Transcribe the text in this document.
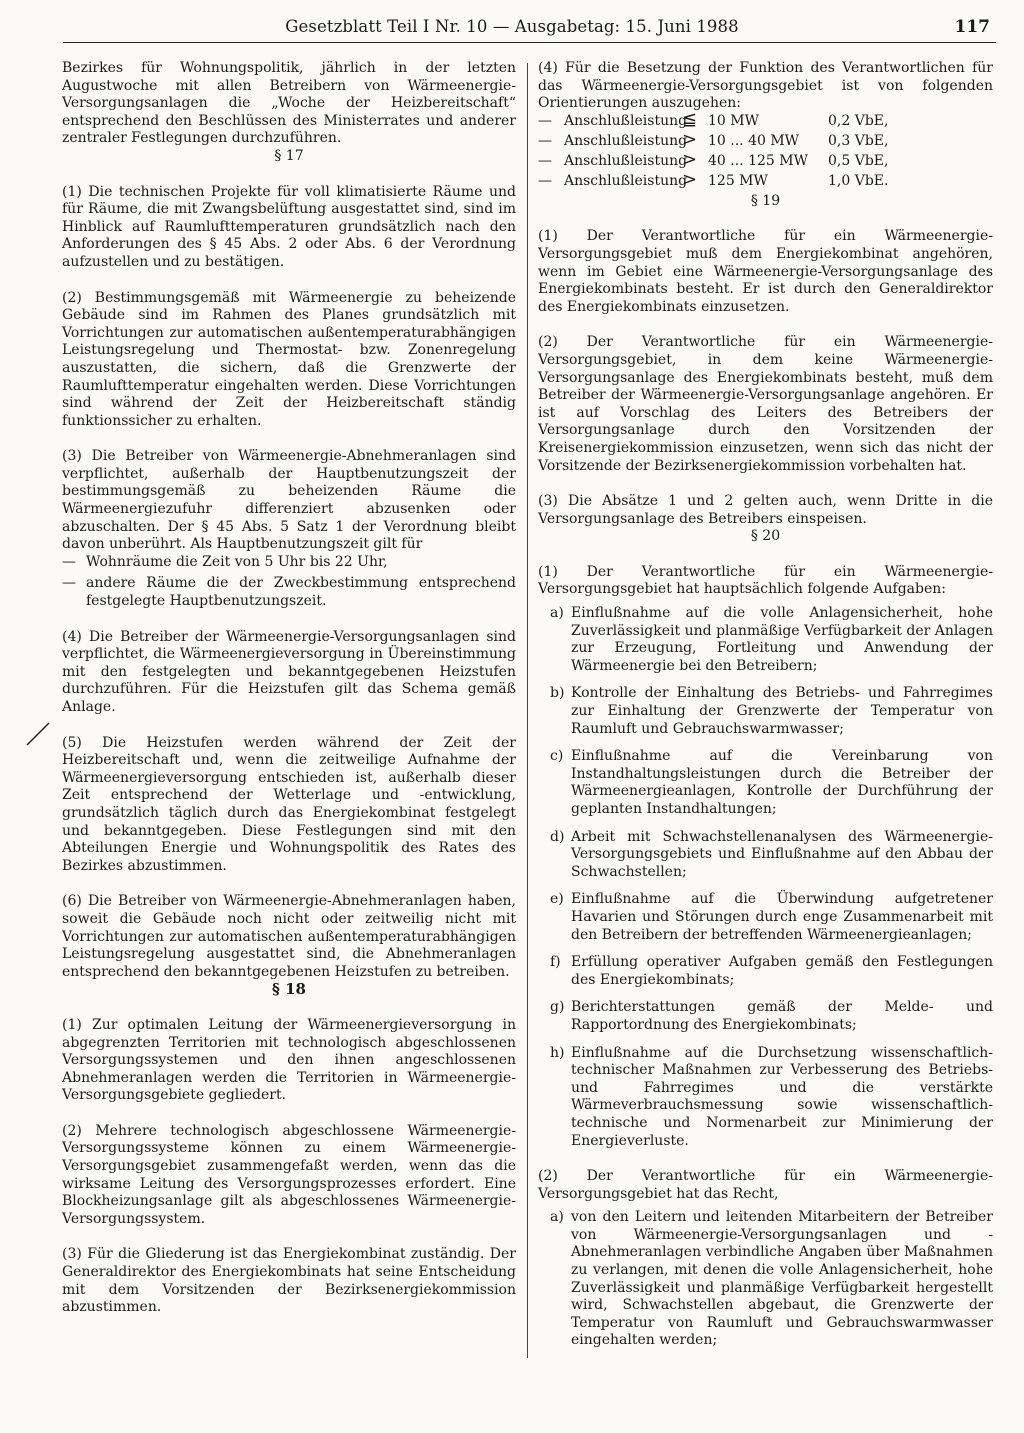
Gesetzblatt Teil I Nr. 10 — Ausgabetag: 15. Juni 1988	117

Bezirkes für Wohnungspolitik, jährlich in der letzten Augustwoche mit allen Betreibern von Wärmeenergie-Versorgungsanlagen die „Woche der Heizbereitschaft“ entsprechend den Beschlüssen des Ministerrates und anderer zentraler Festlegungen durchzuführen.

§ 17

(1) Die technischen Projekte für voll klimatisierte Räume und für Räume, die mit Zwangsbelüftung ausgestattet sind, sind im Hinblick auf Raumlufttemperaturen grundsätzlich nach den Anforderungen des § 45 Abs. 2 oder Abs. 6 der Verordnung aufzustellen und zu bestätigen.

(2) Bestimmungsgemäß mit Wärmeenergie zu beheizende Gebäude sind im Rahmen des Planes grundsätzlich mit Vorrichtungen zur automatischen außentemperaturabhängigen Leistungsregelung und Thermostat- bzw. Zonenregelung auszustatten, die sichern, daß die Grenzwerte der Raumlufttemperatur eingehalten werden. Diese Vorrichtungen sind während der Zeit der Heizbereitschaft ständig funktionssicher zu erhalten.

(3) Die Betreiber von Wärmeenergie-Abnehmeranlagen sind verpflichtet, außerhalb der Hauptbenutzungszeit der bestimmungsgemäß zu beheizenden Räume die Wärmeenergiezufuhr differenziert abzusenken oder abzuschalten. Der § 45 Abs. 5 Satz 1 der Verordnung bleibt davon unberührt. Als Hauptbenutzungszeit gilt für

— Wohnräume die Zeit von 5 Uhr bis 22 Uhr,

— andere Räume die der Zweckbestimmung entsprechend festgelegte Hauptbenutzungszeit.

(4) Die Betreiber der Wärmeenergie-Versorgungsanlagen sind verpflichtet, die Wärmeenergieversorgung in Übereinstimmung mit den festgelegten und bekanntgegebenen Heizstufen durchzuführen. Für die Heizstufen gilt das Schema gemäß Anlage.

(5) Die Heizstufen werden während der Zeit der Heizbereitschaft und, wenn die zeitweilige Aufnahme der Wärmeenergieversorgung entschieden ist, außerhalb dieser Zeit entsprechend der Wetterlage und -entwicklung, grundsätzlich täglich durch das Energiekombinat festgelegt und bekanntgegeben. Diese Festlegungen sind mit den Abteilungen Energie und Wohnungspolitik des Rates des Bezirkes abzustimmen.

(6) Die Betreiber von Wärmeenergie-Abnehmeranlagen haben, soweit die Gebäude noch nicht oder zeitweilig nicht mit Vorrichtungen zur automatischen außentemperaturabhängigen Leistungsregelung ausgestattet sind, die Abnehmeranlagen entsprechend den bekanntgegebenen Heizstufen zu betreiben.

§ 18

(1) Zur optimalen Leitung der Wärmeenergieversorgung in abgegrenzten Territorien mit technologisch abgeschlossenen Versorgungssystemen und den ihnen angeschlossenen Abnehmeranlagen werden die Territorien in Wärmeenergie-Versorgungsgebiete gegliedert.

(2) Mehrere technologisch abgeschlossene Wärmeenergie-Versorgungssysteme können zu einem Wärmeenergie-Versorgungsgebiet zusammengefaßt werden, wenn das die wirksame Leitung des Versorgungsprozesses erfordert. Eine Blockheizungsanlage gilt als abgeschlossenes Wärmeenergie-Versorgungssystem.

(3) Für die Gliederung ist das Energiekombinat zuständig. Der Generaldirektor des Energiekombinats hat seine Entscheidung mit dem Vorsitzenden der Bezirksenergiekommission abzustimmen.

(4) Für die Besetzung der Funktion des Verantwortlichen für das Wärmeenergie-Versorgungsgebiet ist von folgenden Orientierungen auszugehen:

— Anschlußleistung
≦ 10 MW	0,2 VbE,
— Anschlußleistung
> 10 ... 40 MW 0,3 VbE,
— Anschlußleistung
> 40 ... 125 MW 0,5 VbE,
— Anschlußleistung
> 125 MW	1,0 VbE.

§ 19

(1) Der Verantwortliche für ein Wärmeenergie-Versorgungsgebiet muß dem Energiekombinat angehören, wenn im Gebiet eine Wärmeenergie-Versorgungsanlage des Energiekombinats besteht. Er ist durch den Generaldirektor des Energiekombinats einzusetzen.

(2) Der Verantwortliche für ein Wärmeenergie-Versorgungsgebiet, in dem keine Wärmeenergie-Versorgungsanlage des Energiekombinats besteht, muß dem Betreiber der Wärmeenergie-Versorgungsanlage angehören. Er ist auf Vorschlag des Leiters des Betreibers der Versorgungsanlage durch den Vorsitzenden der Kreisenergiekommission einzusetzen, wenn sich das nicht der Vorsitzende der Bezirksenergiekommission vorbehalten hat.

(3) Die Absätze 1 und 2 gelten auch, wenn Dritte in die Versorgungsanlage des Betreibers einspeisen.

§ 20

(1) Der Verantwortliche für ein Wärmeenergie-Versorgungsgebiet hat hauptsächlich folgende Aufgaben:

a) Einflußnahme auf die volle Anlagensicherheit, hohe Zuverlässigkeit und planmäßige Verfügbarkeit der Anlagen zur Erzeugung, Fortleitung und Anwendung der Wärmeenergie bei den Betreibern;

b) Kontrolle der Einhaltung des Betriebs- und Fahrregimes zur Einhaltung der Grenzwerte der Temperatur von Raumluft und Gebrauchswarmwasser;

c) Einflußnahme auf die Vereinbarung von Instandhaltungsleistungen durch die Betreiber der Wärmeenergieanlagen, Kontrolle der Durchführung der geplanten Instandhaltungen;

d) Arbeit mit Schwachstellenanalysen des Wärmeenergie-Versorgungsgebiets und Einflußnahme auf den Abbau der Schwachstellen;

e) Einflußnahme auf die Überwindung aufgetretener Havarien und Störungen durch enge Zusammenarbeit mit den Betreibern der betreffenden Wärmeenergieanlagen;

f) Erfüllung operativer Aufgaben gemäß den Festlegungen des Energiekombinats;

g) Berichterstattungen gemäß der Melde- und Rapportordnung des Energiekombinats;

h) Einflußnahme auf die Durchsetzung wissenschaftlich-technischer Maßnahmen zur Verbesserung des Betriebs- und Fahrregimes und die verstärkte Wärmeverbrauchsmessung sowie wissenschaftlich-technische und Normenarbeit zur Minimierung der Energieverluste.

(2) Der Verantwortliche für ein Wärmeenergie-Versorgungsgebiet hat das Recht,

a) von den Leitern und leitenden Mitarbeitern der Betreiber von Wärmeenergie-Versorgungsanlagen und -Abnehmeranlagen verbindliche Angaben über Maßnahmen zu verlangen, mit denen die volle Anlagensicherheit, hohe Zuverlässigkeit und planmäßige Verfügbarkeit hergestellt wird, Schwachstellen abgebaut, die Grenzwerte der Temperatur von Raumluft und Gebrauchswarmwasser eingehalten werden;
